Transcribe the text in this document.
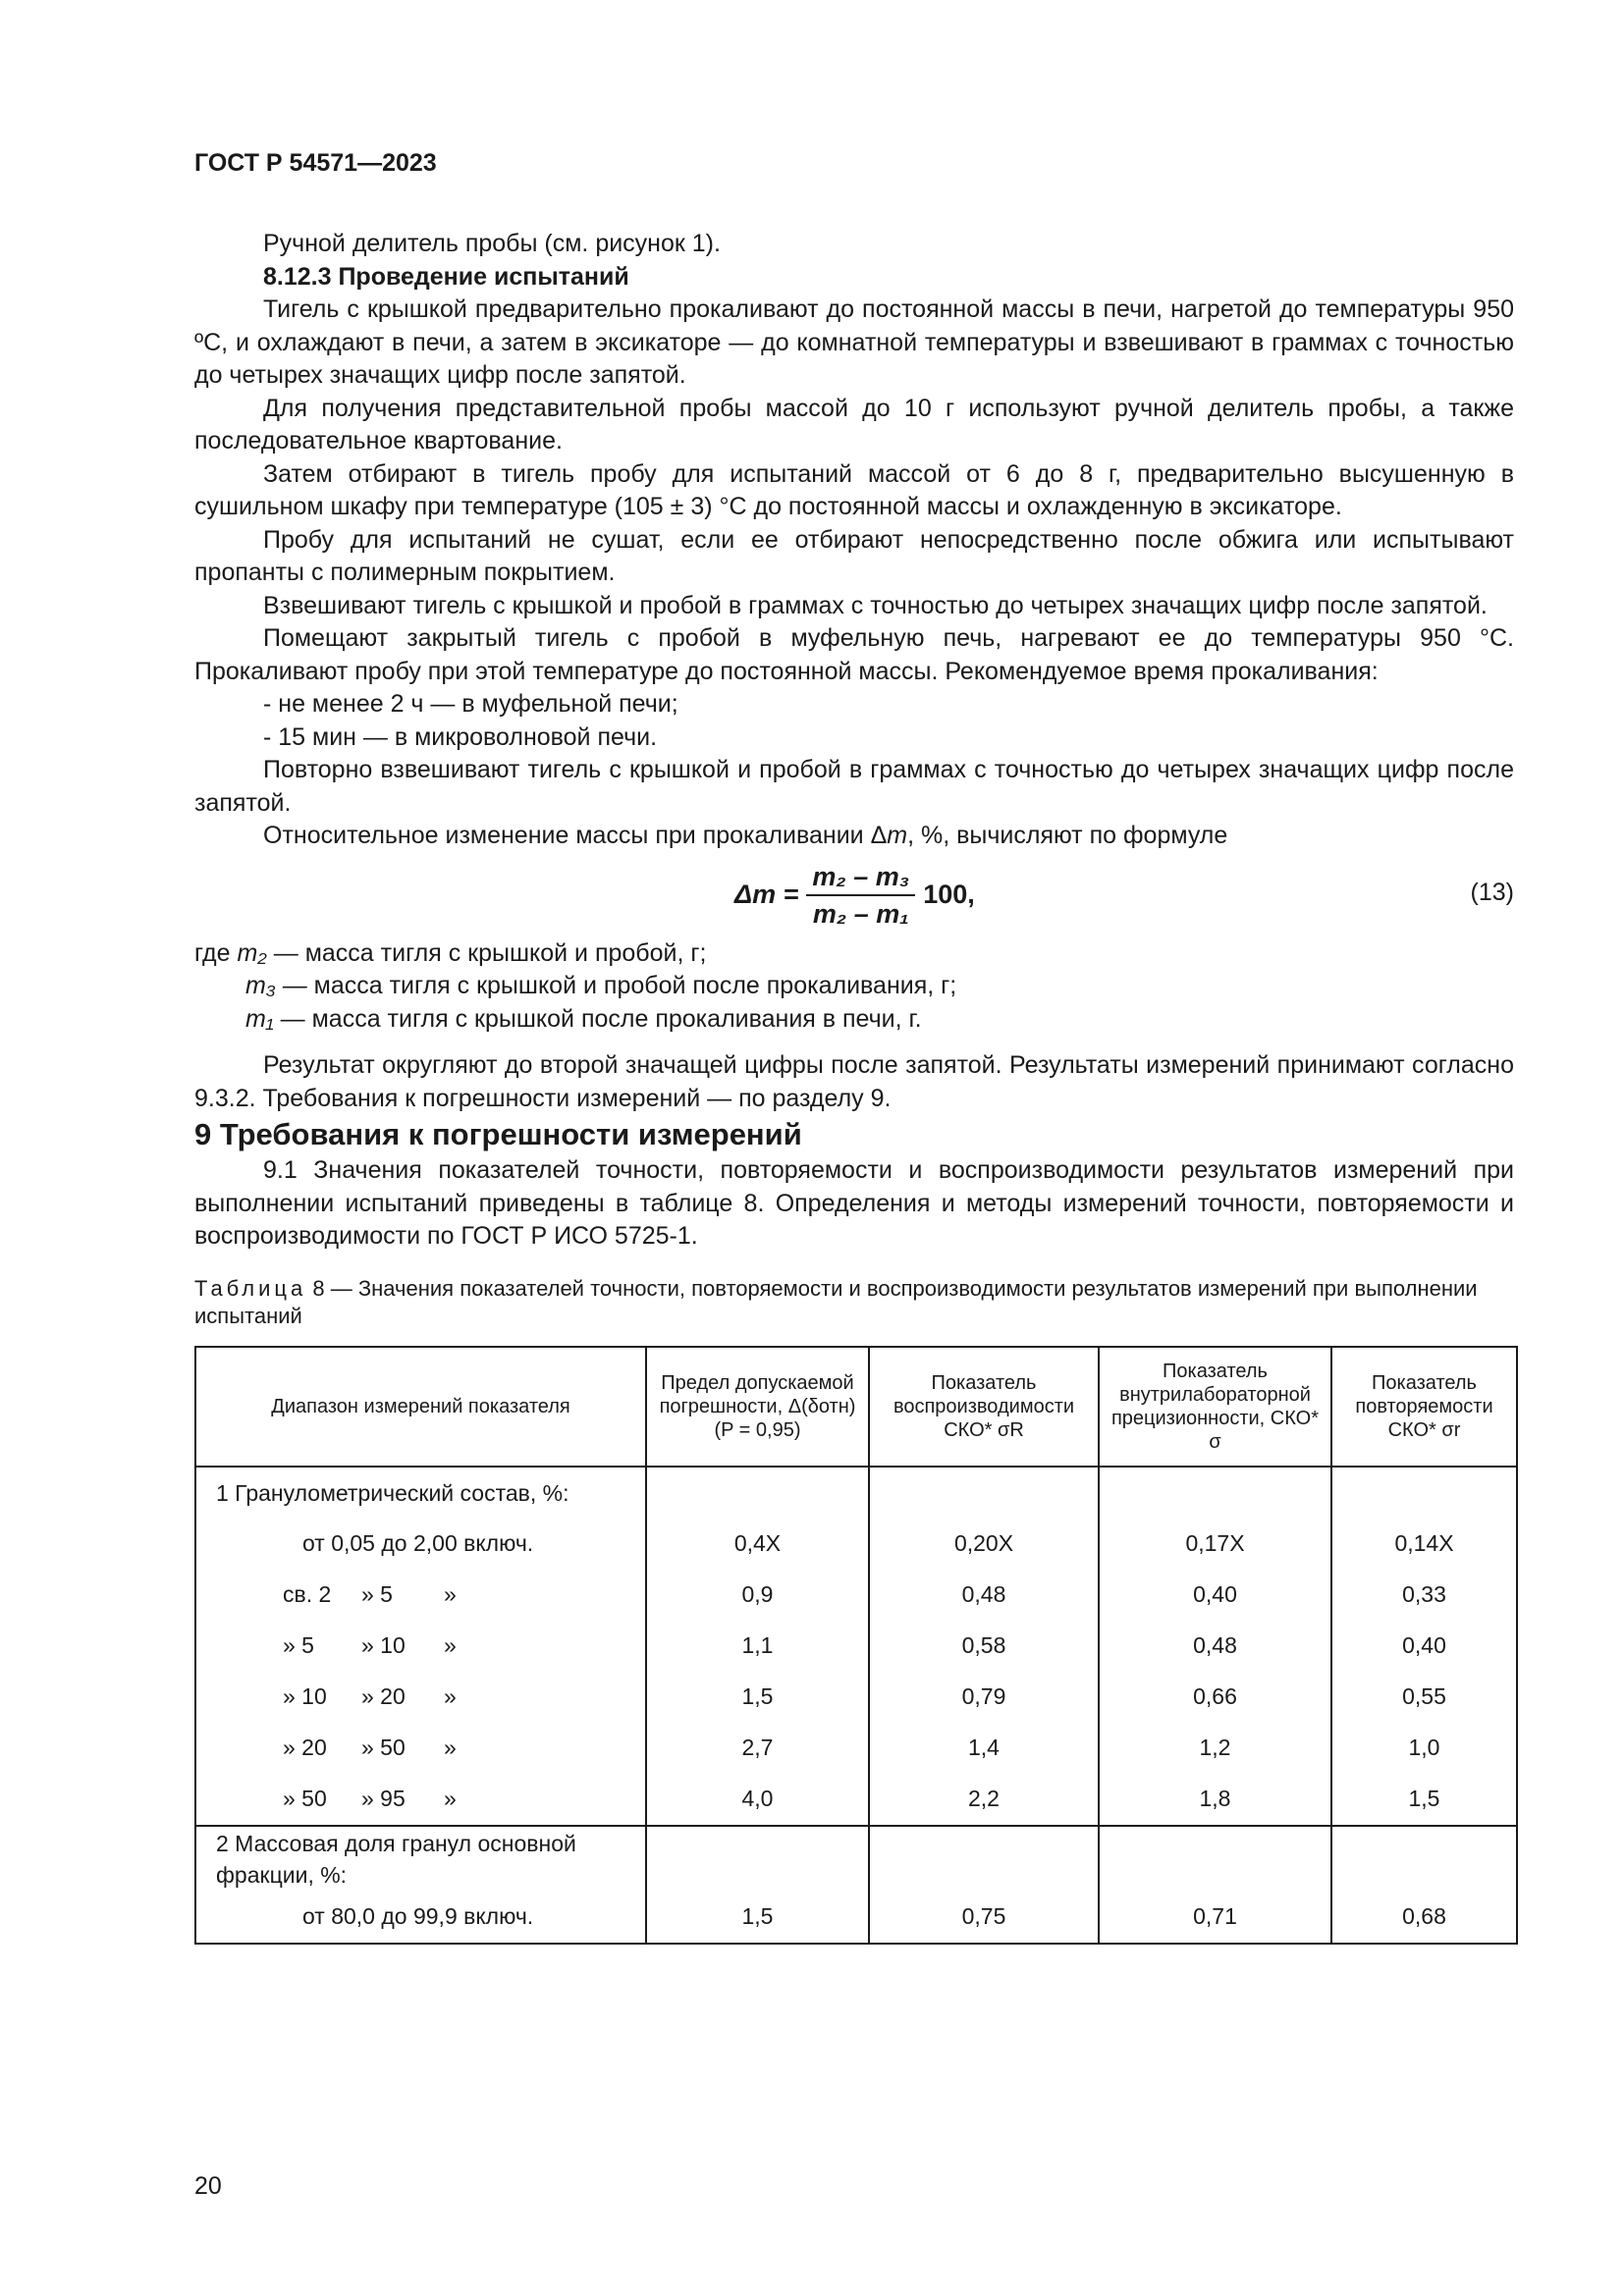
ГОСТ Р 54571—2023

Ручной делитель пробы (см. рисунок 1).

8.12.3 Проведение испытаний

Тигель с крышкой предварительно прокаливают до постоянной массы в печи, нагретой до температуры 950 ºС, и охлаждают в печи, а затем в эксикаторе — до комнатной температуры и взвешивают в граммах с точностью до четырех значащих цифр после запятой.

Для получения представительной пробы массой до 10 г используют ручной делитель пробы, а также последовательное квартование.

Затем отбирают в тигель пробу для испытаний массой от 6 до 8 г, предварительно высушенную в сушильном шкафу при температуре (105 ± 3) °С до постоянной массы и охлажденную в эксикаторе.

Пробу для испытаний не сушат, если ее отбирают непосредственно после обжига или испытывают пропанты с полимерным покрытием.

Взвешивают тигель с крышкой и пробой в граммах с точностью до четырех значащих цифр после запятой.

Помещают закрытый тигель с пробой в муфельную печь, нагревают ее до температуры 950 °С. Прокаливают пробу при этой температуре до постоянной массы. Рекомендуемое время прокаливания:

- не менее 2 ч — в муфельной печи;

- 15 мин — в микроволновой печи.

Повторно взвешивают тигель с крышкой и пробой в граммах с точностью до четырех значащих цифр после запятой.

Относительное изменение массы при прокаливании Δm, %, вычисляют по формуле

$\Delta m = \frac{\text{m₂ – m₃}}{\text{m₂ – m₁}} 100$,	(13)

где m₂ — масса тигля с крышкой и пробой, г;

m₃ — масса тигля с крышкой и пробой после прокаливания, г;

m₁ — масса тигля с крышкой после прокаливания в печи, г.

Результат округляют до второй значащей цифры после запятой. Результаты измерений принимают согласно 9.3.2. Требования к погрешности измерений — по разделу 9.

9 Требования к погрешности измерений

9.1 Значения показателей точности, повторяемости и воспроизводимости результатов измерений при выполнении испытаний приведены в таблице 8. Определения и методы измерений точности, повторяемости и воспроизводимости по ГОСТ Р ИСО 5725-1.

Таблица 8 — Значения показателей точности, повторяемости и воспроизводимости результатов измерений при выполнении испытаний

Диапазон измерений показателя	Предел допускаемой погрешности, Δ(δотн) (P = 0,95)	Показатель воспроизводимости СКО* σR	Показатель внутрилабораторной прецизионности, СКО* σ	Показатель повторяемости СКО* σr
1 Гранулометрический состав, %:				
от 0,05 до 2,00 включ.	0,4X	0,20X	0,17X	0,14X
св. 2 » 5 »	0,9	0,48	0,40	0,33
» 5 » 10 »	1,1	0,58	0,48	0,40
» 10 » 20 »	1,5	0,79	0,66	0,55
» 20 » 50 »	2,7	1,4	1,2	1,0
» 50 » 95 »	4,0	2,2	1,8	1,5
2 Массовая доля гранул основной фракции, %:				
от 80,0 до 99,9 включ.	1,5	0,75	0,71	0,68

20
